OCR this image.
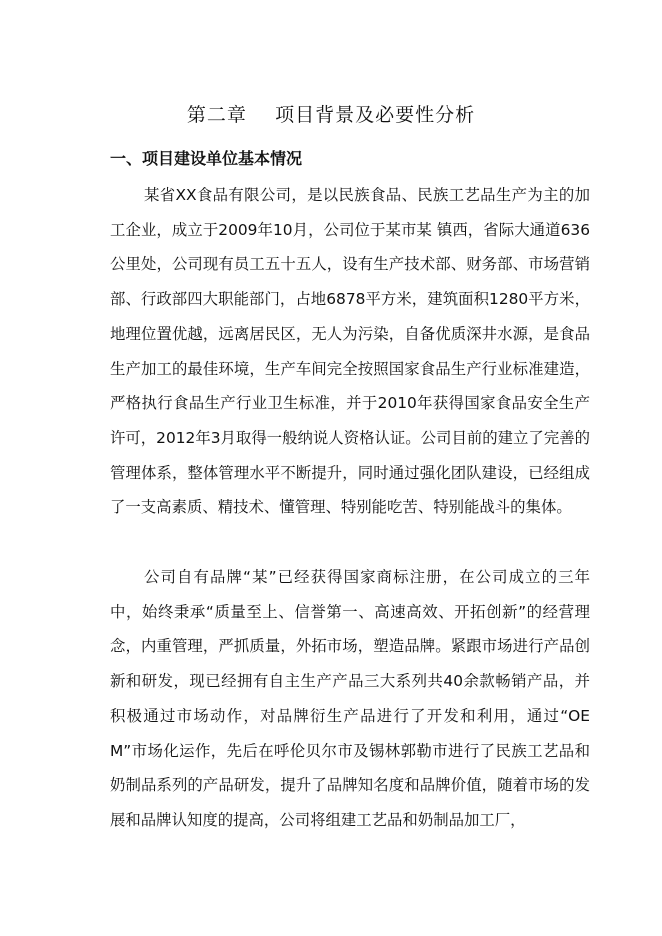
第二章    项目背景及必要性分析
一、项目建设单位基本情况

某省XX食品有限公司，是以民族食品、民族工艺品生产为主的加工企业，成立于2009年10月，公司位于某市某 镇西，省际大通道636公里处，公司现有员工五十五人，设有生产技术部、财务部、市场营销部、行政部四大职能部门，占地6878平方米，建筑面积1280平方米，地理位置优越，远离居民区，无人为污染，自备优质深井水源，是食品生产加工的最佳环境，生产车间完全按照国家食品生产行业标准建造，严格执行食品生产行业卫生标准，并于2010年获得国家食品安全生产许可，2012年3月取得一般纳说人资格认证。公司目前的建立了完善的管理体系，整体管理水平不断提升，同时通过强化团队建设，已经组成了一支高素质、精技术、懂管理、特别能吃苦、特别能战斗的集体。

公司自有品牌“某”已经获得国家商标注册，在公司成立的三年中，始终秉承“质量至上、信誉第一、高速高效、开拓创新”的经营理念，内重管理，严抓质量，外拓市场，塑造品牌。紧跟市场进行产品创新和研发，现已经拥有自主生产产品三大系列共40余款畅销产品，并积极通过市场动作，对品牌衍生产品进行了开发和利用，通过“OEM”市场化运作，先后在呼伦贝尔市及锡林郭勒市进行了民族工艺品和奶制品系列的产品研发，提升了品牌知名度和品牌价值，随着市场的发展和品牌认知度的提高，公司将组建工艺品和奶制品加工厂，
